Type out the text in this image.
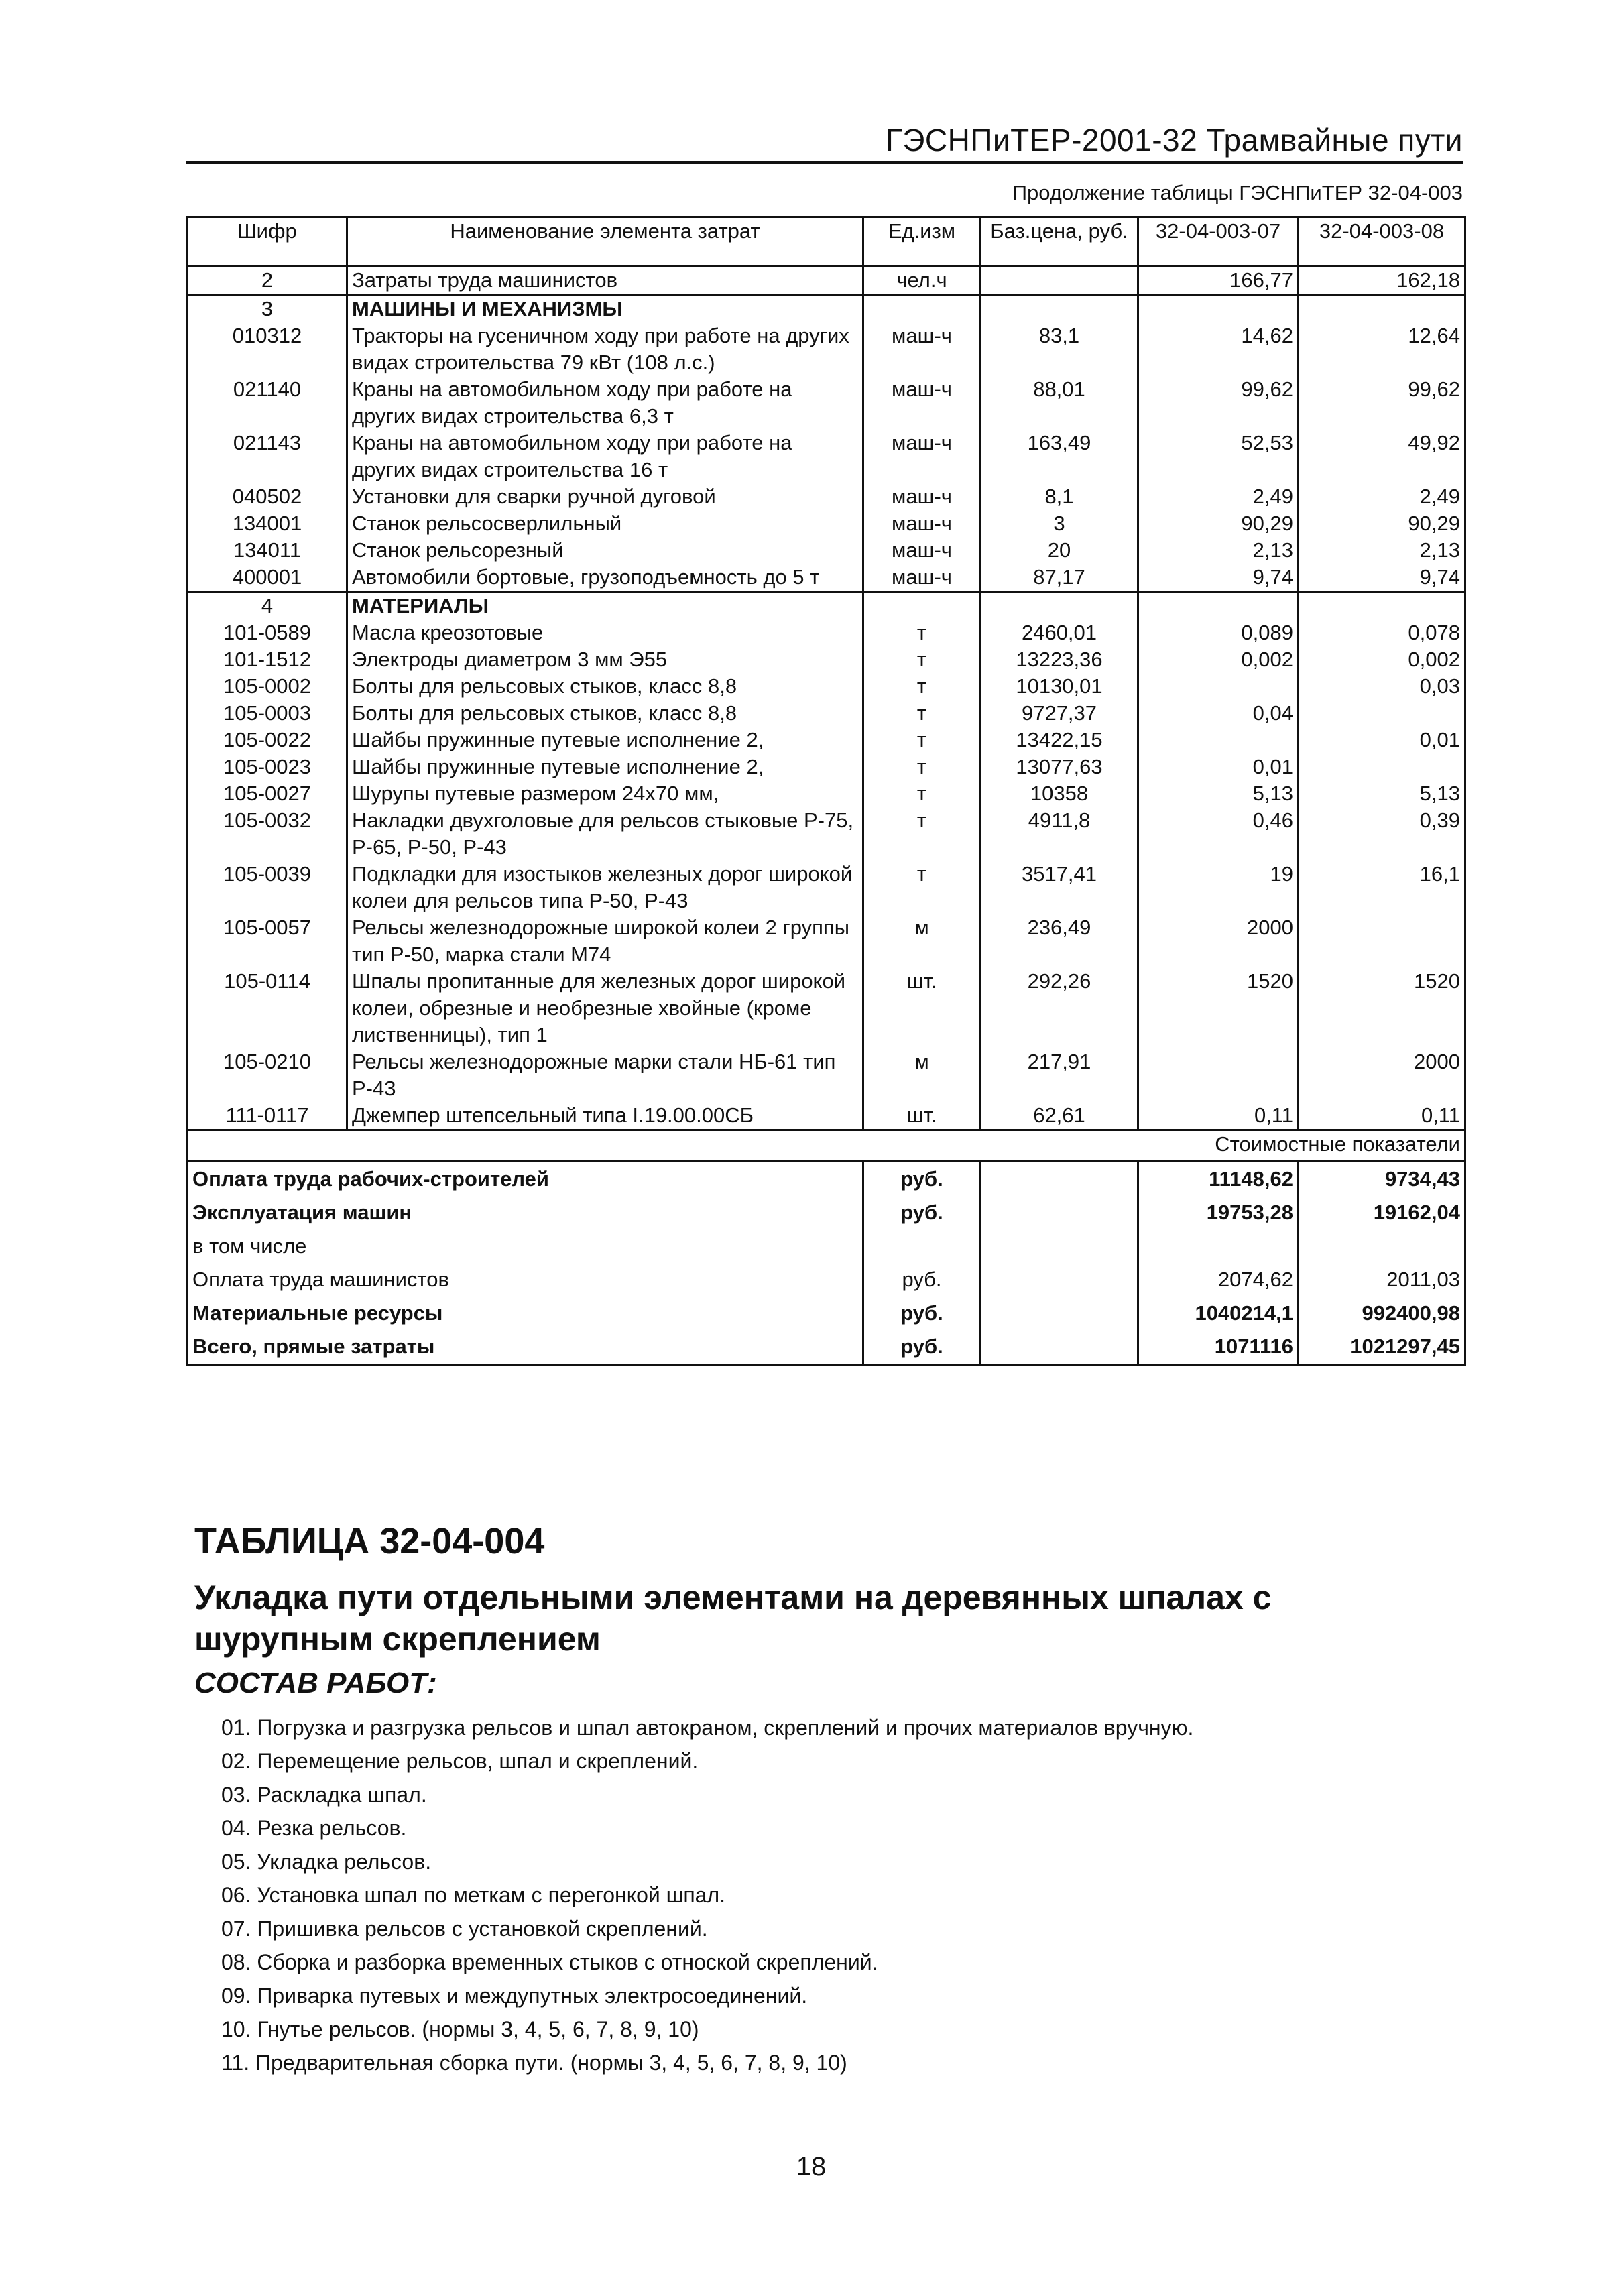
ГЭСНПиТЕР-2001-32 Трамвайные пути
Продолжение таблицы ГЭСНПиТЕР 32-04-003
Шифр	Наименование элемента затрат	Ед.изм	Баз.цена, руб.	32-04-003-07	32-04-003-08
2	Затраты труда машинистов	чел.ч		166,77	162,18
3	МАШИНЫ И МЕХАНИЗМЫ				
010312	Тракторы на гусеничном ходу при работе на других видах строительства 79 кВт (108 л.с.)	маш-ч	83,1	14,62	12,64
021140	Краны на автомобильном ходу при работе на других видах строительства 6,3 т	маш-ч	88,01	99,62	99,62
021143	Краны на автомобильном ходу при работе на других видах строительства 16 т	маш-ч	163,49	52,53	49,92
040502	Установки для сварки ручной дуговой	маш-ч	8,1	2,49	2,49
134001	Станок рельсосверлильный	маш-ч	3	90,29	90,29
134011	Станок рельсорезный	маш-ч	20	2,13	2,13
400001	Автомобили бортовые, грузоподъемность до 5 т	маш-ч	87,17	9,74	9,74
4	МАТЕРИАЛЫ				
101-0589	Масла креозотовые	т	2460,01	0,089	0,078
101-1512	Электроды диаметром 3 мм Э55	т	13223,36	0,002	0,002
105-0002	Болты для рельсовых стыков, класс 8,8	т	10130,01		0,03
105-0003	Болты для рельсовых стыков, класс 8,8	т	9727,37	0,04	
105-0022	Шайбы пружинные путевые исполнение 2,	т	13422,15		0,01
105-0023	Шайбы пружинные путевые исполнение 2,	т	13077,63	0,01	
105-0027	Шурупы путевые размером 24х70 мм,	т	10358	5,13	5,13
105-0032	Накладки двухголовые для рельсов стыковые Р-75, Р-65, Р-50, Р-43	т	4911,8	0,46	0,39
105-0039	Подкладки для изостыков железных дорог широкой колеи для рельсов типа Р-50, Р-43	т	3517,41	19	16,1
105-0057	Рельсы железнодорожные широкой колеи 2 группы тип Р-50, марка стали М74	м	236,49	2000	
105-0114	Шпалы пропитанные для железных дорог широкой колеи, обрезные и необрезные хвойные (кроме лиственницы), тип 1	шт.	292,26	1520	1520
105-0210	Рельсы железнодорожные марки стали НБ-61 тип Р-43	м	217,91		2000
111-0117	Джемпер штепсельный типа I.19.00.00СБ	шт.	62,61	0,11	0,11
Стоимостные показатели					
Оплата труда рабочих-строителей		руб.		11148,62	9734,43
Эксплуатация машин		руб.		19753,28	19162,04
в том числе					
Оплата труда машинистов		руб.		2074,62	2011,03
Материальные ресурсы		руб.		1040214,1	992400,98
Всего, прямые затраты		руб.		1071116	1021297,45
ТАБЛИЦА 32-04-004
Укладка пути отдельными элементами на деревянных шпалах с шурупным скреплением
СОСТАВ РАБОТ:
01. Погрузка и разгрузка рельсов и шпал автокраном, скреплений и прочих материалов вручную.
02. Перемещение рельсов, шпал и скреплений.
03. Раскладка шпал.
04. Резка рельсов.
05. Укладка рельсов.
06. Установка шпал по меткам с перегонкой шпал.
07. Пришивка рельсов с установкой скреплений.
08. Сборка и разборка временных стыков с отноской скреплений.
09. Приварка путевых и междупутных электросоединений.
10. Гнутье рельсов. (нормы 3, 4, 5, 6, 7, 8, 9, 10)
11. Предварительная сборка пути. (нормы 3, 4, 5, 6, 7, 8, 9, 10)
18
